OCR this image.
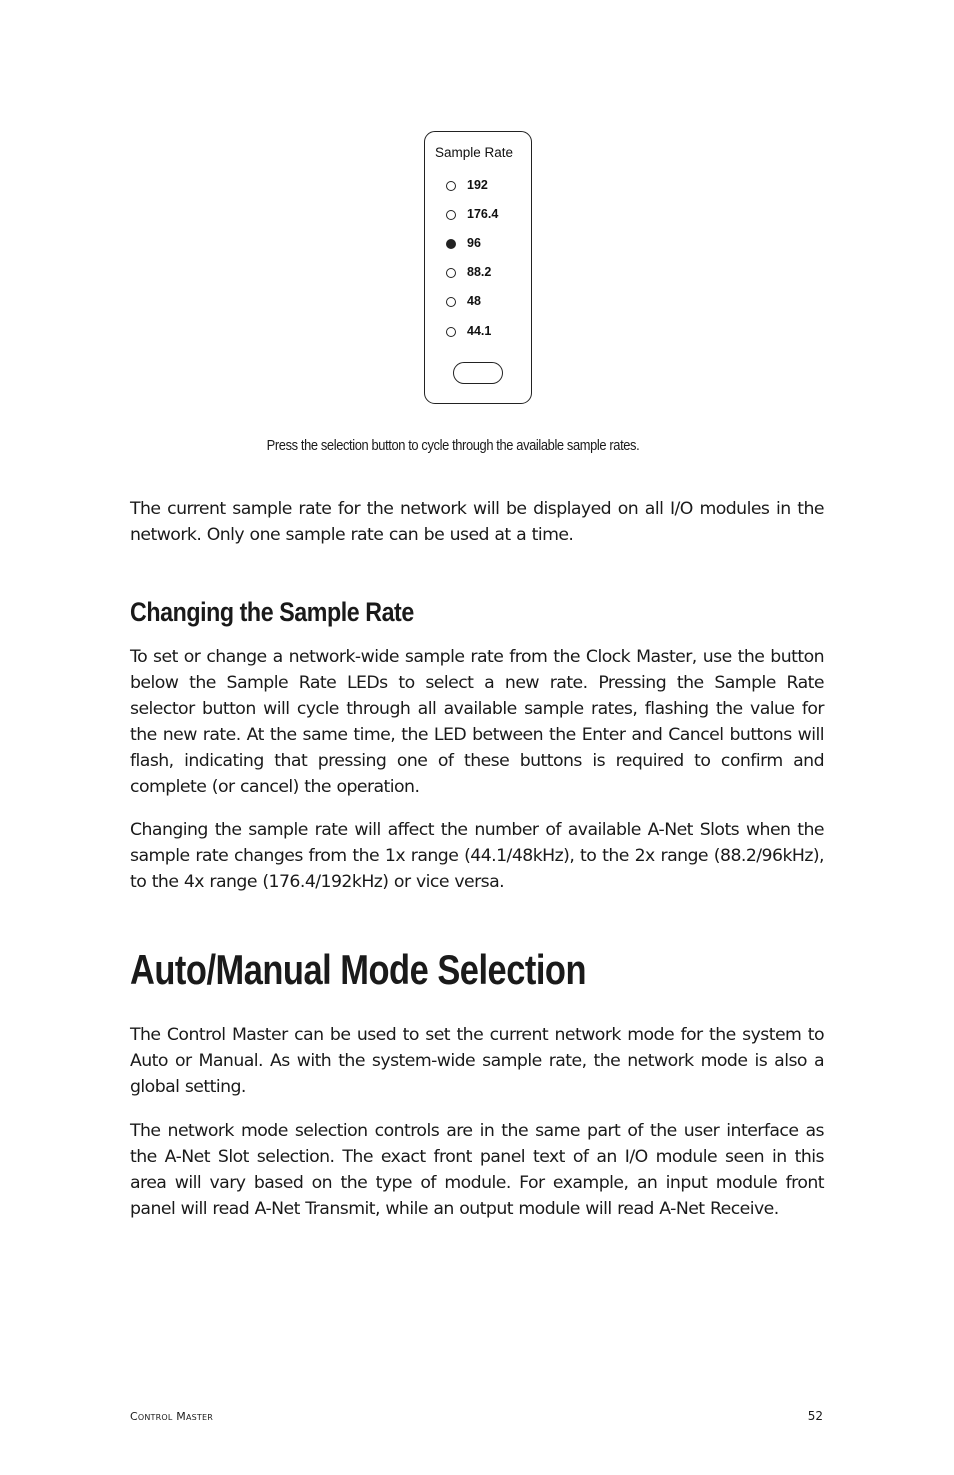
Sample Rate
192
176.4
96
88.2
48
44.1
Press the selection button to cycle through the available sample rates.

The current sample rate for the network will be displayed on all I/O modules in the network. Only one sample rate can be used at a time.

Changing the Sample Rate

To set or change a network-wide sample rate from the Clock Master, use the button below the Sample Rate LEDs to select a new rate. Pressing the Sample Rate selector button will cycle through all available sample rates, flashing the value for the new rate. At the same time, the LED between the Enter and Cancel buttons will flash, indicating that pressing one of these buttons is required to confirm and complete (or cancel) the operation.

Changing the sample rate will affect the number of available A-Net Slots when the sample rate changes from the 1x range (44.1/48kHz), to the 2x range (88.2/96kHz), to the 4x range (176.4/192kHz) or vice versa.

Auto/Manual Mode Selection

The Control Master can be used to set the current network mode for the system to Auto or Manual. As with the system-wide sample rate, the network mode is also a global setting.

The network mode selection controls are in the same part of the user interface as the A-Net Slot selection. The exact front panel text of an I/O module seen in this area will vary based on the type of module. For example, an input module front panel will read A-Net Transmit, while an output module will read A-Net Receive.

Control Master	52
